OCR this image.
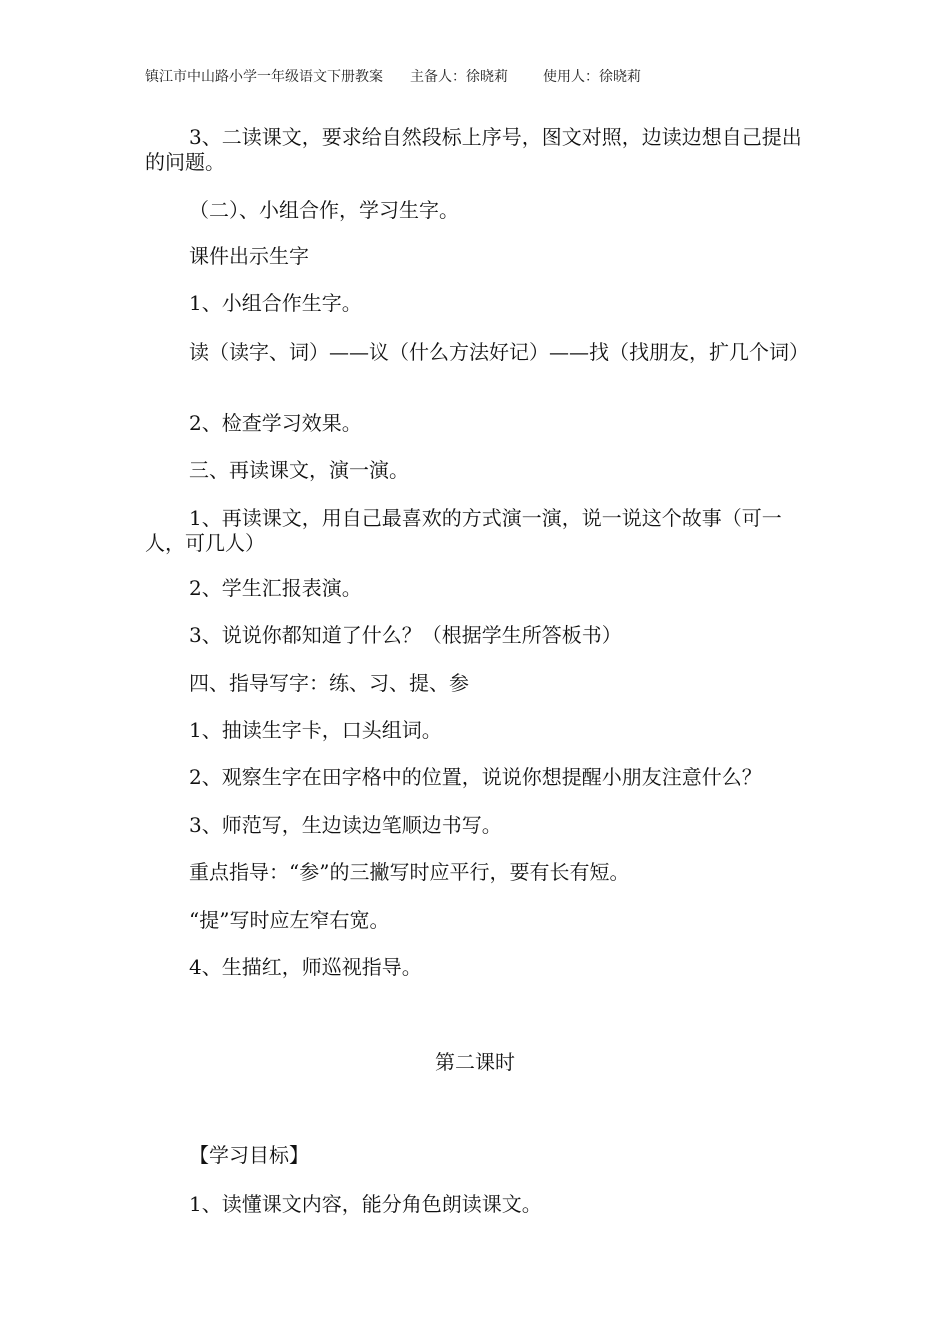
镇江市中山路小学一年级语文下册教案 主备人：徐晓莉	使用人：徐晓莉

3、二读课文，要求给自然段标上序号，图文对照，边读边想自己提出的问题。

（二）、小组合作，学习生字。

课件出示生字

1、小组合作生字。

读（读字、词）——议（什么方法好记）——找（找朋友，扩几个词）

2、检查学习效果。

三、再读课文，演一演。

1、再读课文，用自己最喜欢的方式演一演，说一说这个故事（可一人，可几人）

2、学生汇报表演。

3、说说你都知道了什么？（根据学生所答板书）

四、指导写字：练、习、提、参

1、抽读生字卡，口头组词。

2、观察生字在田字格中的位置，说说你想提醒小朋友注意什么？

3、师范写，生边读边笔顺边书写。

重点指导：“参”的三撇写时应平行，要有长有短。

“提”写时应左窄右宽。

4、生描红，师巡视指导。

第二课时

【学习目标】

1、读懂课文内容，能分角色朗读课文。
